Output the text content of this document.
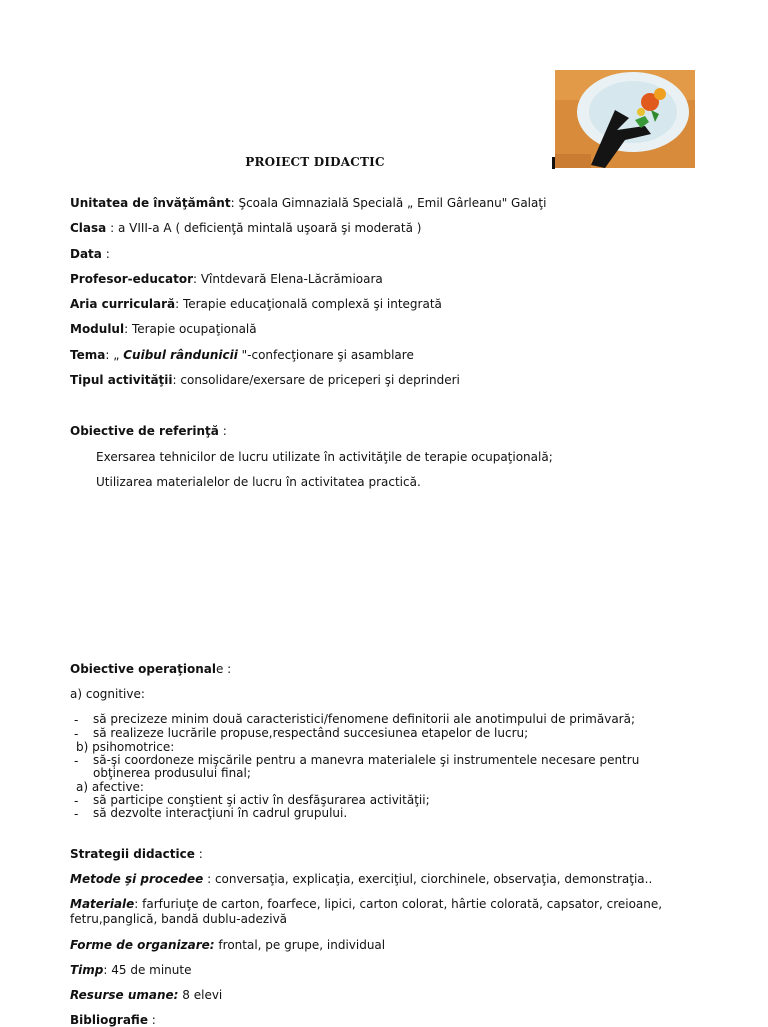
PROIECT DIDACTIC
Unitatea de învăţământ: Şcoala Gimnazială Specială „ Emil Gârleanu" Galaţi
Clasa : a VIII-a A ( deficienţă mintală uşoară şi moderată )
Data :
Profesor-educator: Vîntdevară Elena-Lăcrămioara
Aria curriculară: Terapie educaţională complexă şi integrată
Modulul: Terapie ocupaţională
Tema: „ Cuibul rândunicii "-confecţionare şi asamblare
Tipul activităţii: consolidare/exersare de priceperi şi deprinderi
Obiective de referinţă :
Exersarea tehnicilor de lucru utilizate în activităţile de terapie ocupaţională;
Utilizarea materialelor de lucru în activitatea practică.
Obiective operaţionale :
a) cognitive:
- să precizeze minim două caracteristici/fenomene definitorii ale anotimpului de primăvară;
- să realizeze lucrările propuse,respectând succesiunea etapelor de lucru;
b) psihomotrice:
- să-şi coordoneze mişcările pentru a manevra materialele şi instrumentele necesare pentru obţinerea produsului final;
a) afective:
- să participe conştient şi activ în desfăşurarea activităţii;
- să dezvolte interacţiuni în cadrul grupului.
Strategii didactice :
Metode şi procedee : conversaţia, explicaţia, exerciţiul, ciorchinele, observaţia, demonstraţia..
Materiale: farfuriuţe de carton, foarfece, lipici, carton colorat, hârtie colorată, capsator, creioane, fetru,panglică, bandă dublu-adezivă
Forme de organizare: frontal, pe grupe, individual
Timp: 45 de minute
Resurse umane: 8 elevi
Bibliografie :
